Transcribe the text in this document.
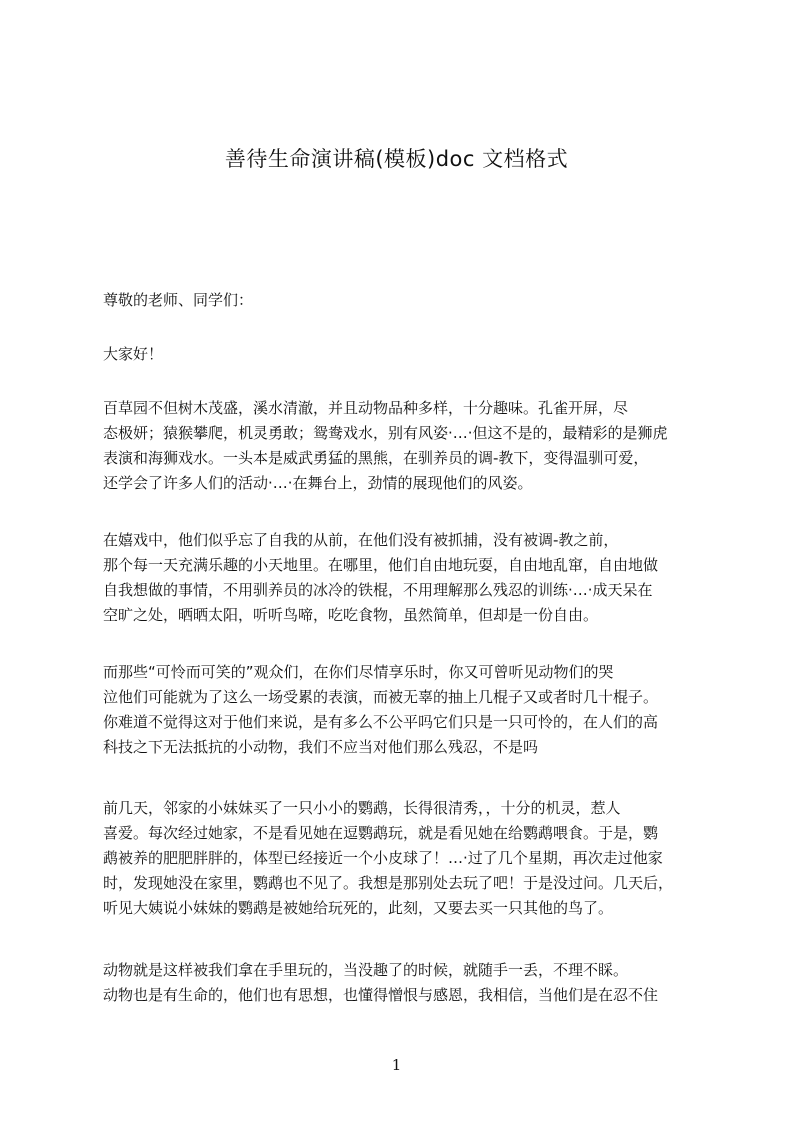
善待生命演讲稿(模板)doc 文档格式
尊敬的老师、同学们：
大家好！
百草园不但树木茂盛，溪水清澈，并且动物品种多样，十分趣味。孔雀开屏，尽
态极妍；猿猴攀爬，机灵勇敢；鸳鸯戏水，别有风姿·…·但这不是的，最精彩的是狮虎
表演和海狮戏水。一头本是威武勇猛的黑熊，在驯养员的调-教下，变得温驯可爱，
还学会了许多人们的活动·…·在舞台上，劲情的展现他们的风姿。
在嬉戏中，他们似乎忘了自我的从前，在他们没有被抓捕，没有被调-教之前，
那个每一天充满乐趣的小天地里。在哪里，他们自由地玩耍，自由地乱窜，自由地做
自我想做的事情，不用驯养员的冰冷的铁棍，不用理解那么残忍的训练·…·成天呆在
空旷之处，晒晒太阳，听听鸟啼，吃吃食物，虽然简单，但却是一份自由。
而那些“可怜而可笑的”观众们，在你们尽情享乐时，你又可曾听见动物们的哭
泣他们可能就为了这么一场受累的表演，而被无辜的抽上几棍子又或者时几十棍子。
你难道不觉得这对于他们来说，是有多么不公平吗它们只是一只可怜的，在人们的高
科技之下无法抵抗的小动物，我们不应当对他们那么残忍，不是吗
前几天，邻家的小妹妹买了一只小小的鹦鹉，长得很清秀，，十分的机灵，惹人
喜爱。每次经过她家，不是看见她在逗鹦鹉玩，就是看见她在给鹦鹉喂食。于是，鹦
鹉被养的肥肥胖胖的，体型已经接近一个小皮球了！…·过了几个星期，再次走过他家
时，发现她没在家里，鹦鹉也不见了。我想是那别处去玩了吧！于是没过问。几天后，
听见大姨说小妹妹的鹦鹉是被她给玩死的，此刻，又要去买一只其他的鸟了。
动物就是这样被我们拿在手里玩的，当没趣了的时候，就随手一丢，不理不睬。
动物也是有生命的，他们也有思想，也懂得憎恨与感恩，我相信，当他们是在忍不住
1
